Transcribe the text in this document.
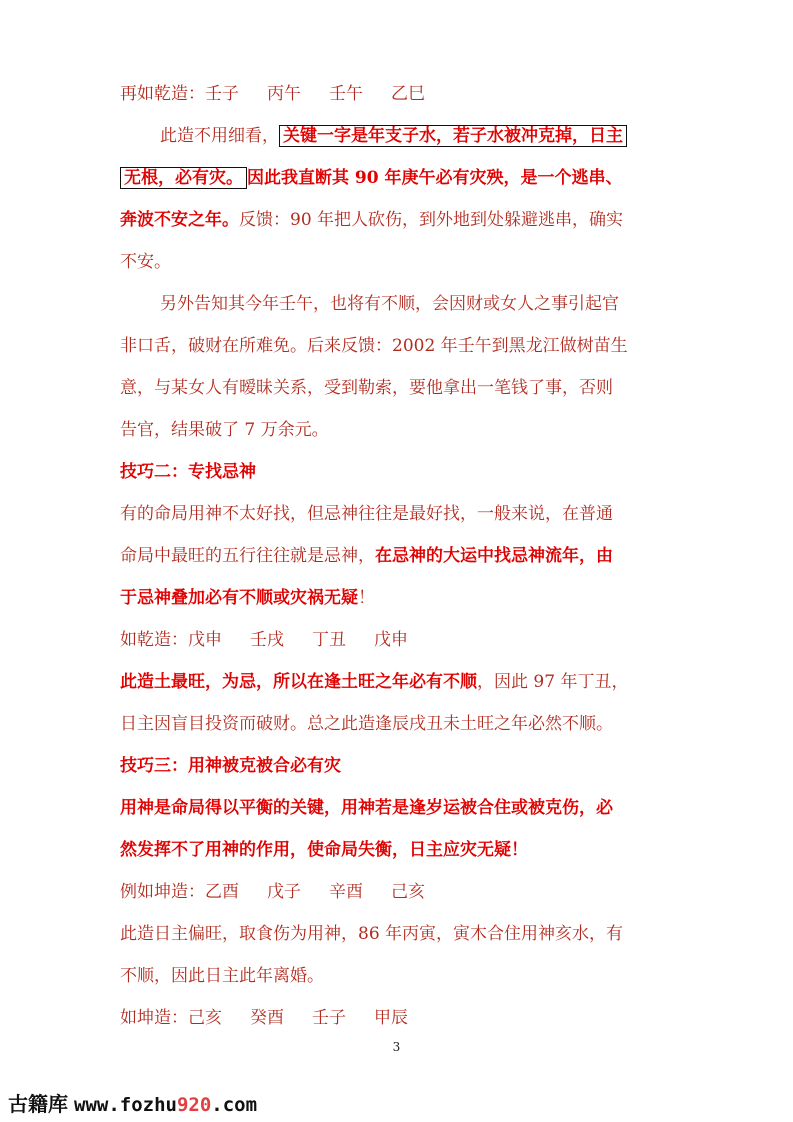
再如乾造：壬子 丙午 壬午 乙巳
此造不用细看， 关键一字是年支子水，若子水被冲克掉，日主
无根，必有灾。 因此我直断其 90 年庚午必有灾殃，是一个逃串、
奔波不安之年。反馈：90 年把人砍伤，到外地到处躲避逃串，确实
不安。
另外告知其今年壬午，也将有不顺，会因财或女人之事引起官
非口舌，破财在所难免。后来反馈：2002 年壬午到黑龙江做树苗生
意，与某女人有暧昧关系，受到勒索，要他拿出一笔钱了事，否则
告官，结果破了 7 万余元。
技巧二：专找忌神
有的命局用神不太好找，但忌神往往是最好找，一般来说，在普通
命局中最旺的五行往往就是忌神，在忌神的大运中找忌神流年，由
于忌神叠加必有不顺或灾祸无疑！
如乾造：戊申 壬戌 丁丑 戊申
此造土最旺，为忌，所以在逢土旺之年必有不顺，因此 97 年丁丑，
日主因盲目投资而破财。总之此造逢辰戌丑未土旺之年必然不顺。
技巧三：用神被克被合必有灾
用神是命局得以平衡的关键，用神若是逢岁运被合住或被克伤，必
然发挥不了用神的作用，使命局失衡，日主应灾无疑！
例如坤造：乙酉 戊子 辛酉 己亥
此造日主偏旺，取食伤为用神，86 年丙寅，寅木合住用神亥水，有
不顺，因此日主此年离婚。
如坤造：己亥 癸酉 壬子 甲辰
3
古籍库 www.fozhu920.com
